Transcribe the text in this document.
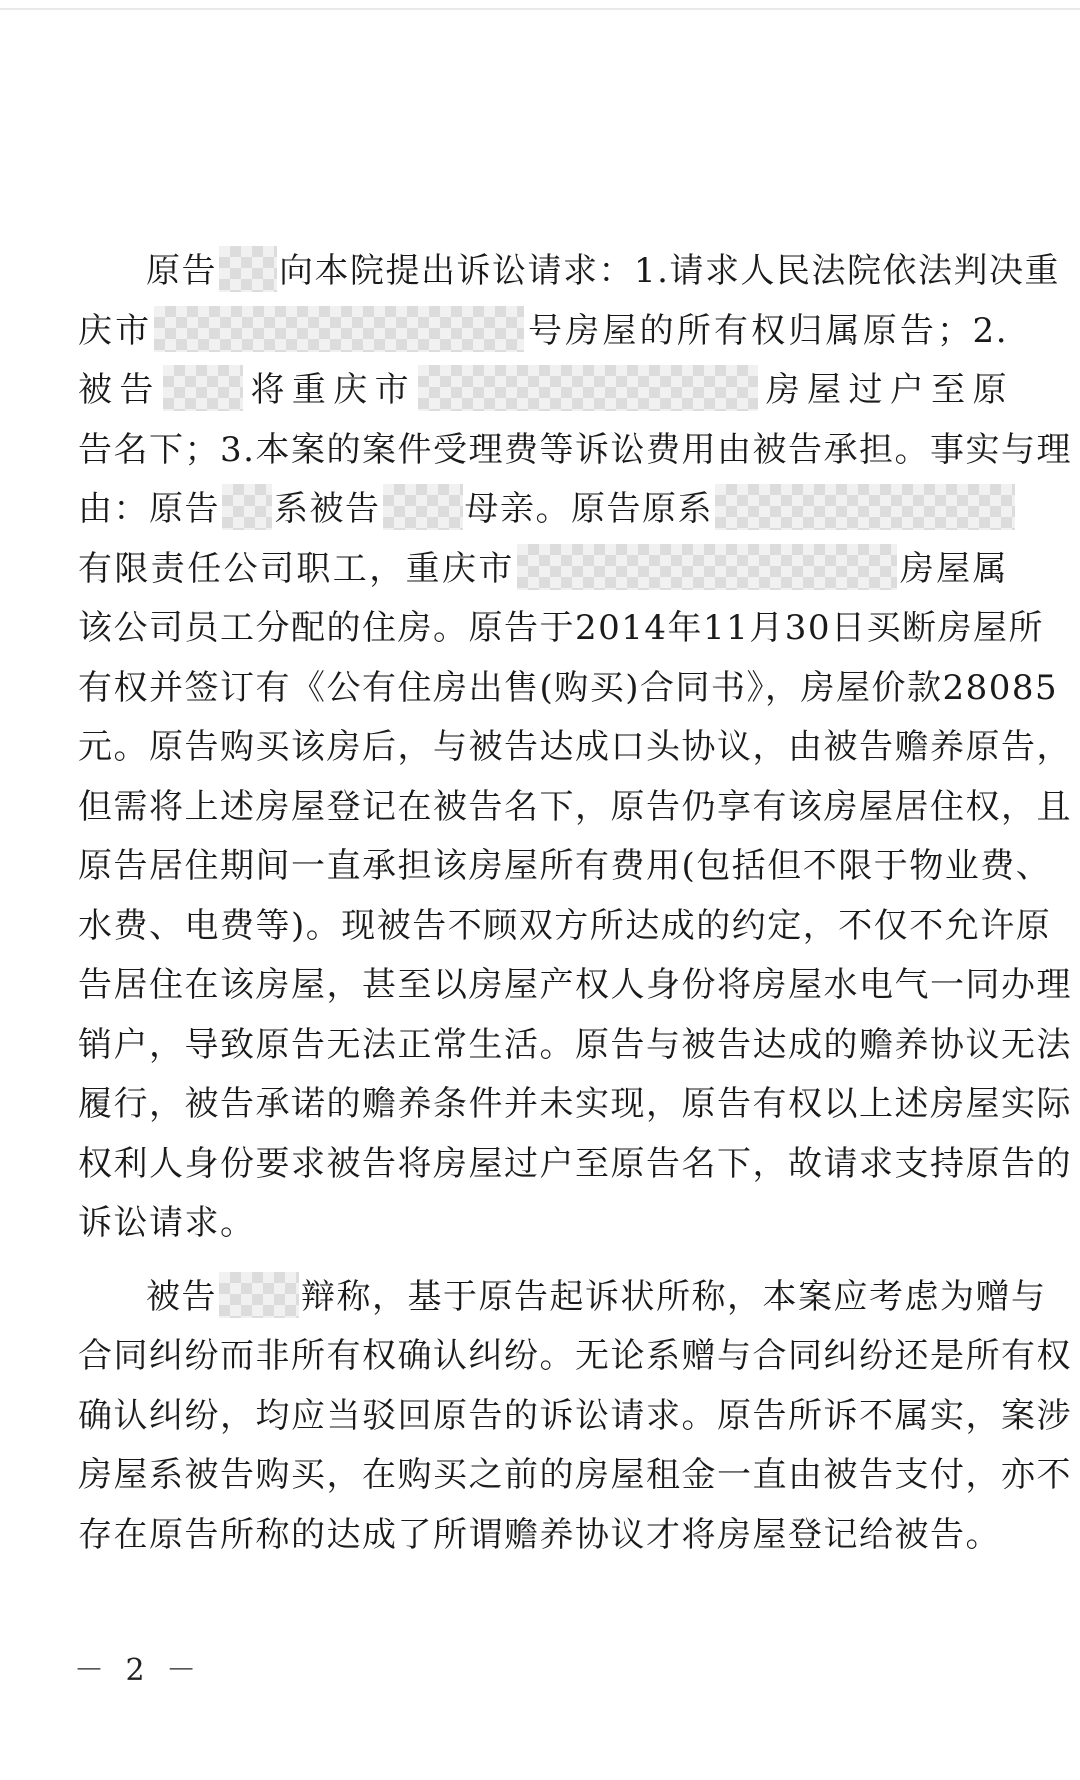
原告 向本院提出诉讼请求：1.请求人民法院依法判决重
庆市	号房屋的所有权归属原告；2.
被告 将重庆市	房屋过户至原
告名下；3.本案的案件受理费等诉讼费用由被告承担。事实与理
由：原告 系被告 母亲。原告原系
有限责任公司职工，重庆市	房屋属
该公司员工分配的住房。原告于2014年11月30日买断房屋所
有权并签订有《公有住房出售(购买)合同书》，房屋价款28085
元。原告购买该房后，与被告达成口头协议，由被告赡养原告，
但需将上述房屋登记在被告名下，原告仍享有该房屋居住权，且
原告居住期间一直承担该房屋所有费用(包括但不限于物业费、
水费、电费等)。现被告不顾双方所达成的约定，不仅不允许原
告居住在该房屋，甚至以房屋产权人身份将房屋水电气一同办理
销户，导致原告无法正常生活。原告与被告达成的赡养协议无法
履行，被告承诺的赡养条件并未实现，原告有权以上述房屋实际
权利人身份要求被告将房屋过户至原告名下，故请求支持原告的
诉讼请求。
被告 辩称，基于原告起诉状所称，本案应考虑为赠与
合同纠纷而非所有权确认纠纷。无论系赠与合同纠纷还是所有权
确认纠纷，均应当驳回原告的诉讼请求。原告所诉不属实，案涉
房屋系被告购买，在购买之前的房屋租金一直由被告支付，亦不
存在原告所称的达成了所谓赡养协议才将房屋登记给被告。
－ 2 －
